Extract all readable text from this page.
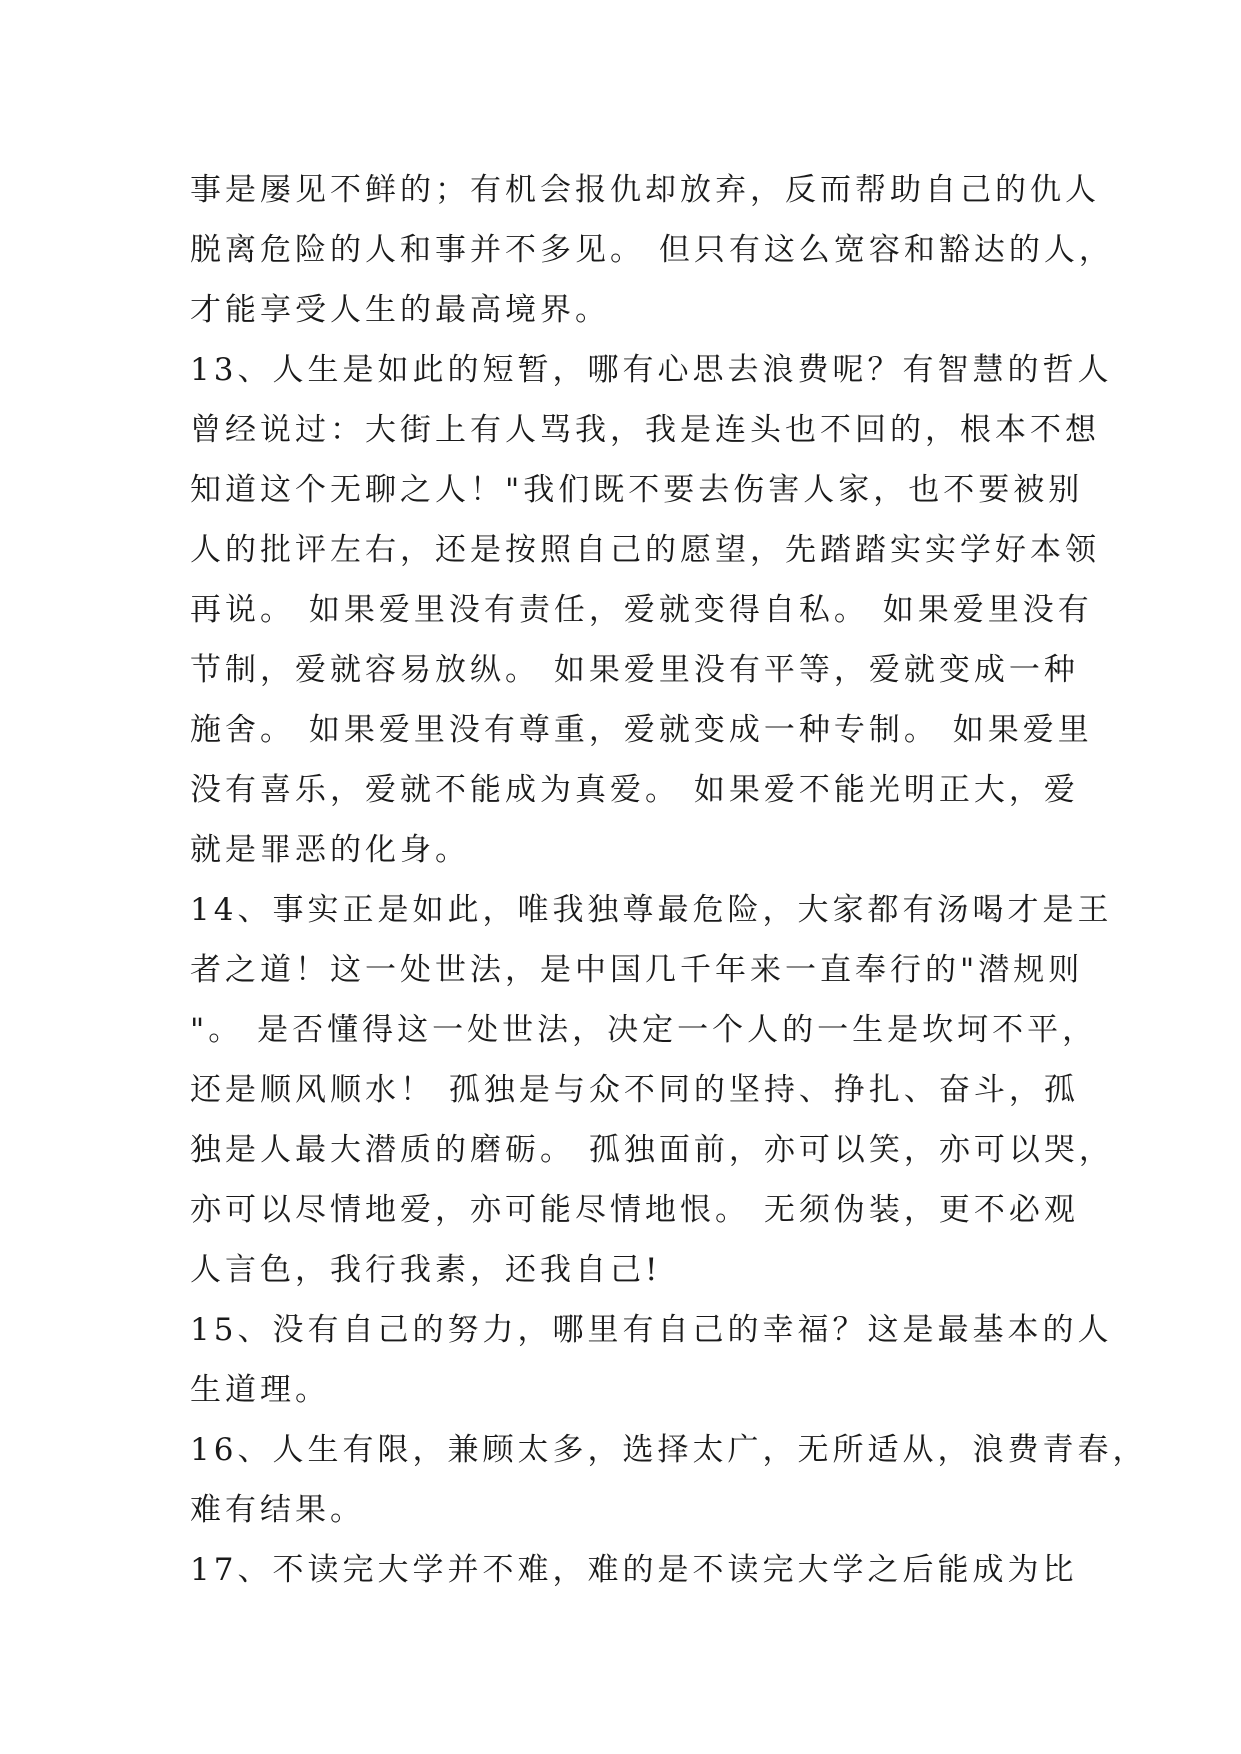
事是屡见不鲜的；有机会报仇却放弃，反而帮助自己的仇人
脱离危险的人和事并不多见。 但只有这么宽容和豁达的人，
才能享受人生的最高境界。
13、人生是如此的短暂，哪有心思去浪费呢？有智慧的哲人
曾经说过：大街上有人骂我，我是连头也不回的，根本不想
知道这个无聊之人！"我们既不要去伤害人家，也不要被别
人的批评左右，还是按照自己的愿望，先踏踏实实学好本领
再说。 如果爱里没有责任，爱就变得自私。 如果爱里没有
节制，爱就容易放纵。 如果爱里没有平等，爱就变成一种
施舍。 如果爱里没有尊重，爱就变成一种专制。 如果爱里
没有喜乐，爱就不能成为真爱。 如果爱不能光明正大，爱
就是罪恶的化身。
14、事实正是如此，唯我独尊最危险，大家都有汤喝才是王
者之道！这一处世法，是中国几千年来一直奉行的"潜规则
"。 是否懂得这一处世法，决定一个人的一生是坎坷不平，
还是顺风顺水！ 孤独是与众不同的坚持、挣扎、奋斗，孤
独是人最大潜质的磨砺。 孤独面前，亦可以笑，亦可以哭，
亦可以尽情地爱，亦可能尽情地恨。 无须伪装，更不必观
人言色，我行我素，还我自己!
15、没有自己的努力，哪里有自己的幸福？这是最基本的人
生道理。
16、人生有限，兼顾太多，选择太广，无所适从，浪费青春，
难有结果。
17、不读完大学并不难，难的是不读完大学之后能成为比
